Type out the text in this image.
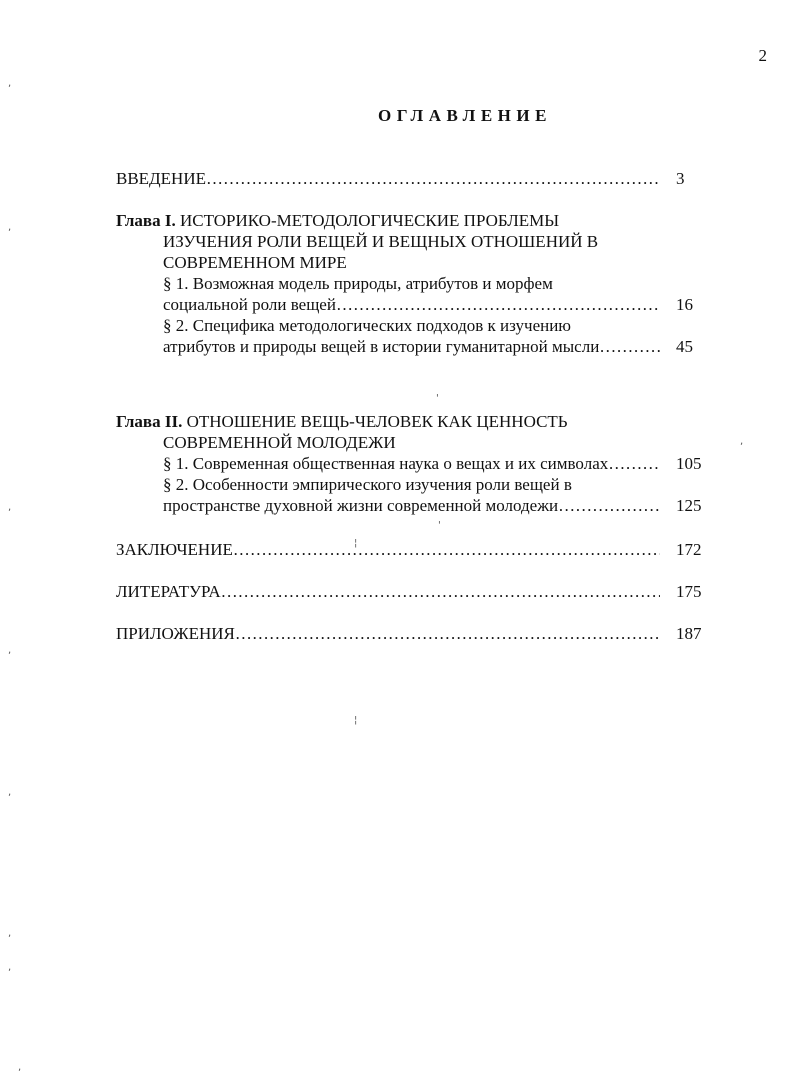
2
ОГЛАВЛЕНИЕ
ВВЕДЕНИЕ ……………………………………………………………………………………………………………………………………………………………………………………	3
Глава I. ИСТОРИКО-МЕТОДОЛОГИЧЕСКИЕ ПРОБЛЕМЫ
ИЗУЧЕНИЯ РОЛИ ВЕЩЕЙ И ВЕЩНЫХ ОТНОШЕНИЙ В
СОВРЕМЕННОМ МИРЕ
§ 1. Возможная модель природы, атрибутов и морфем
социальной роли вещей ……………………………………………………………………………………………………………………………………………………………………………………	16
§ 2. Специфика методологических подходов к изучению
атрибутов и природы вещей в истории гуманитарной мысли ……………………………………………………………………………………………………………………………………………………………………………………	45
Глава II. ОТНОШЕНИЕ ВЕЩЬ-ЧЕЛОВЕК КАК ЦЕННОСТЬ
СОВРЕМЕННОЙ МОЛОДЕЖИ
§ 1. Современная общественная наука о вещах и их символах ……………………………………………………………………………………………………………………………………………………………………………………	105
§ 2. Особенности эмпирического изучения роли вещей в
пространстве духовной жизни современной молодежи ……………………………………………………………………………………………………………………………………………………………………………………	125
ЗАКЛЮЧЕНИЕ ……………………………………………………………………………………………………………………………………………………………………………………	172
ЛИТЕРАТУРА ……………………………………………………………………………………………………………………………………………………………………………………	175
ПРИЛОЖЕНИЯ ……………………………………………………………………………………………………………………………………………………………………………………	187
,
,
,
,
,
,
,
,
'
,
¦
'
¦
